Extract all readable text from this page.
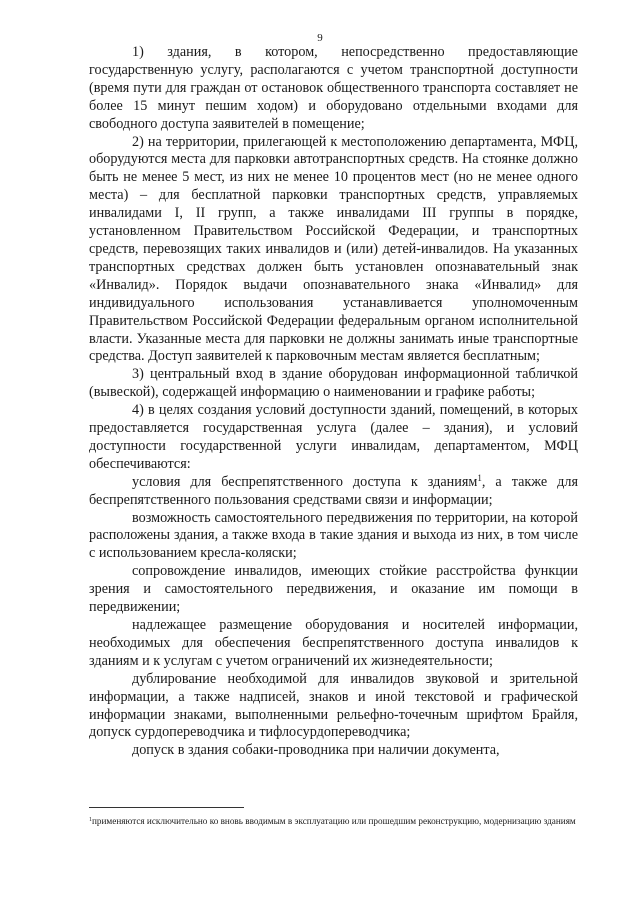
9

1) здания, в котором, непосредственно предоставляющие государственную услугу, располагаются с учетом транспортной доступности (время пути для граждан от остановок общественного транспорта составляет не более 15 минут пешим ходом) и оборудовано отдельными входами для свободного доступа заявителей в помещение;

2) на территории, прилегающей к местоположению департамента, МФЦ, оборудуются места для парковки автотранспортных средств. На стоянке должно быть не менее 5 мест, из них не менее 10 процентов мест (но не менее одного места) – для бесплатной парковки транспортных средств, управляемых инвалидами I, II групп, а также инвалидами III группы в порядке, установленном Правительством Российской Федерации, и транспортных средств, перевозящих таких инвалидов и (или) детей-инвалидов. На указанных транспортных средствах должен быть установлен опознавательный знак «Инвалид». Порядок выдачи опознавательного знака «Инвалид» для индивидуального использования устанавливается уполномоченным Правительством Российской Федерации федеральным органом исполнительной власти. Указанные места для парковки не должны занимать иные транспортные средства. Доступ заявителей к парковочным местам является бесплатным;

3) центральный вход в здание оборудован информационной табличкой (вывеской), содержащей информацию о наименовании и графике работы;

4) в целях создания условий доступности зданий, помещений, в которых предоставляется государственная услуга (далее – здания), и условий доступности государственной услуги инвалидам, департаментом, МФЦ обеспечиваются:

условия для беспрепятственного доступа к зданиям$^1$, а также для беспрепятственного пользования средствами связи и информации;

возможность самостоятельного передвижения по территории, на которой расположены здания, а также входа в такие здания и выхода из них, в том числе с использованием кресла-коляски;

сопровождение инвалидов, имеющих стойкие расстройства функции зрения и самостоятельного передвижения, и оказание им помощи в передвижении;

надлежащее размещение оборудования и носителей информации, необходимых для обеспечения беспрепятственного доступа инвалидов к зданиям и к услугам с учетом ограничений их жизнедеятельности;

дублирование необходимой для инвалидов звуковой и зрительной информации, а также надписей, знаков и иной текстовой и графической информации знаками, выполненными рельефно-точечным шрифтом Брайля, допуск сурдопереводчика и тифлосурдопереводчика;

допуск в здания собаки-проводника при наличии документа,

$^1$применяются исключительно ко вновь вводимым в эксплуатацию или прошедшим реконструкцию, модернизацию зданиям
